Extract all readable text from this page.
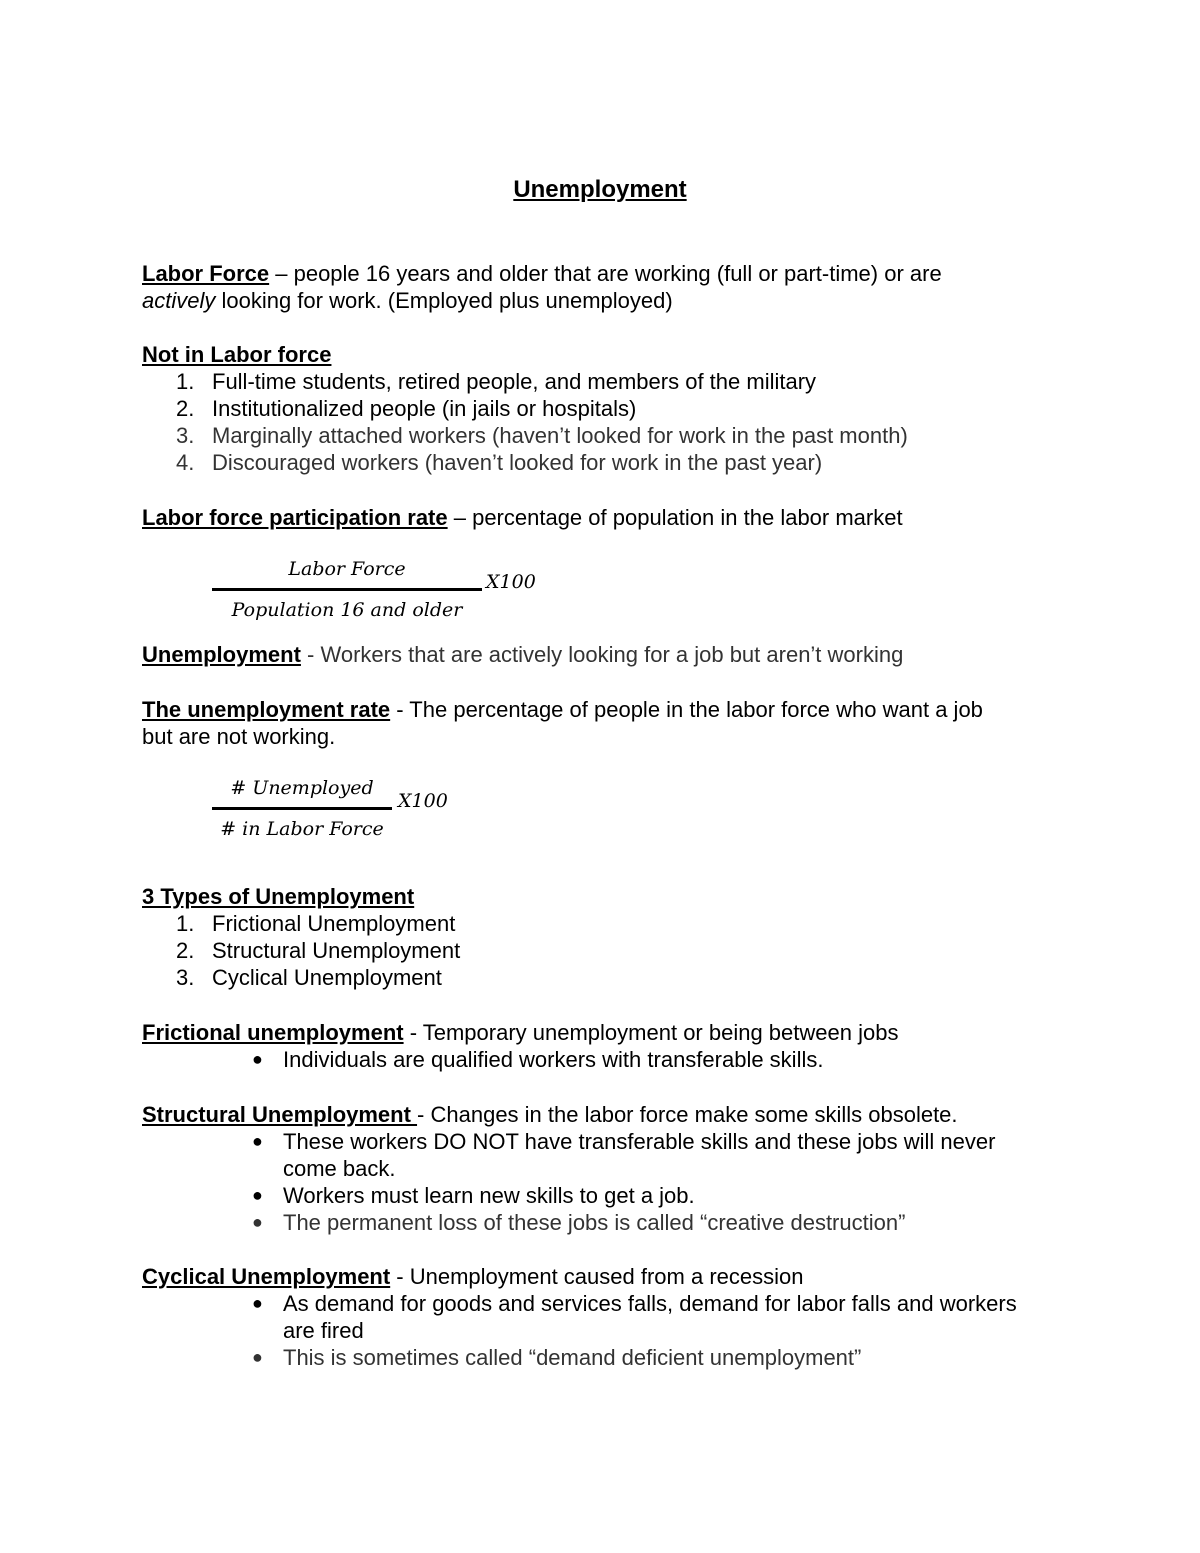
Unemployment
Labor Force – people 16 years and older that are working (full or part-time) or are
actively looking for work. (Employed plus unemployed)
Not in Labor force
1. Full-time students, retired people, and members of the military
2. Institutionalized people (in jails or hospitals)
3. Marginally attached workers (haven’t looked for work in the past month)
4. Discouraged workers (haven’t looked for work in the past year)
Labor force participation rate – percentage of population in the labor market
Labor Force
Population 16 and older
X100
Unemployment - Workers that are actively looking for a job but aren’t working
The unemployment rate - The percentage of people in the labor force who want a job
but are not working.
# Unemployed
# in Labor Force
X100
3 Types of Unemployment
1. Frictional Unemployment
2. Structural Unemployment
3. Cyclical Unemployment
Frictional unemployment - Temporary unemployment or being between jobs
● Individuals are qualified workers with transferable skills.
Structural Unemployment - Changes in the labor force make some skills obsolete.
● These workers DO NOT have transferable skills and these jobs will never
come back.
● Workers must learn new skills to get a job.
● The permanent loss of these jobs is called “creative destruction”
Cyclical Unemployment - Unemployment caused from a recession
● As demand for goods and services falls, demand for labor falls and workers
are fired
● This is sometimes called “demand deficient unemployment”
